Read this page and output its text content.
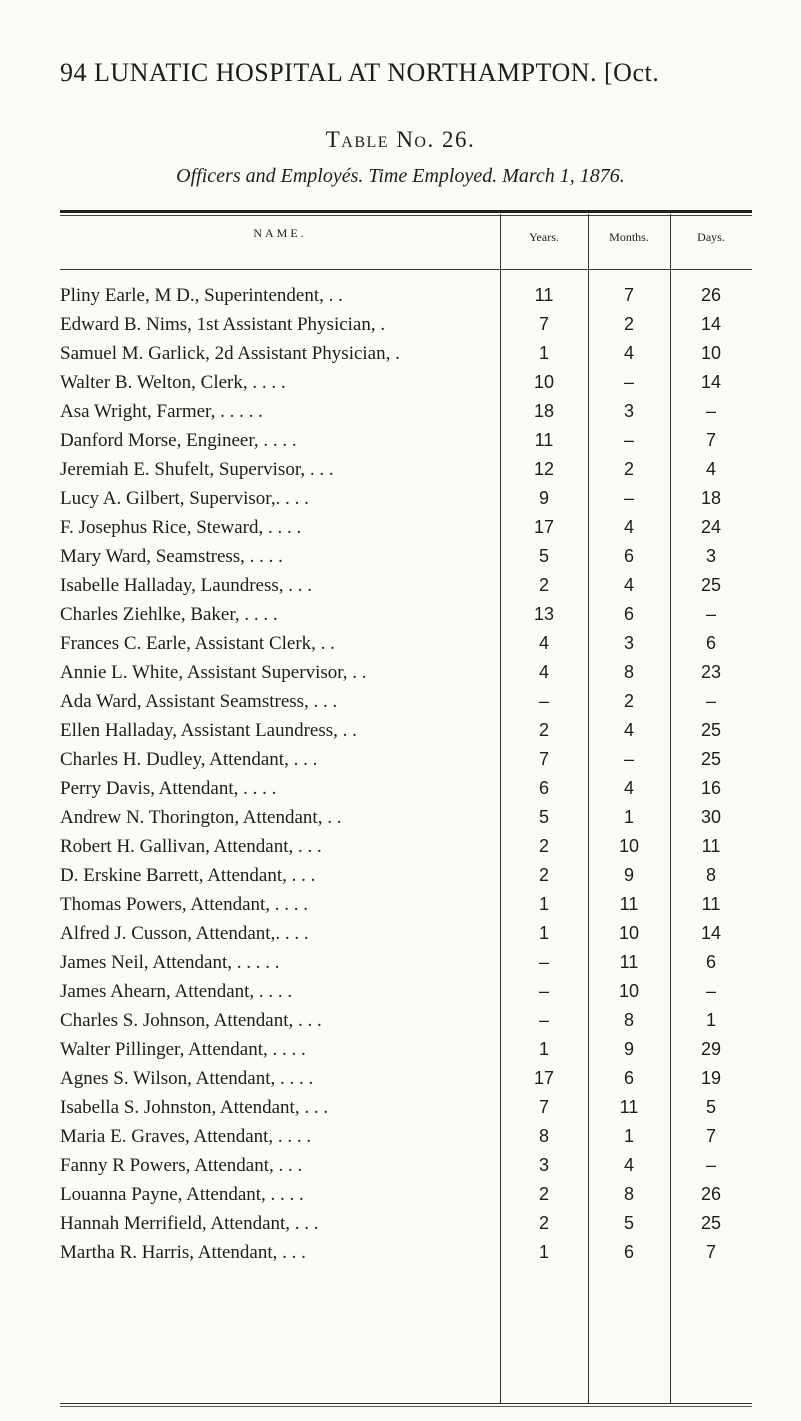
94 LUNATIC HOSPITAL AT NORTHAMPTON. [Oct.
Table No. 26.
Officers and Employés. Time Employed. March 1, 1876.
NAME.	Years.	Months.	Days.
Pliny Earle, M D., Superintendent, . .	11	7	26
Edward B. Nims, 1st Assistant Physician, .	7	2	14
Samuel M. Garlick, 2d Assistant Physician, .	1	4	10
Walter B. Welton, Clerk, . . . .	10	–	14
Asa Wright, Farmer, . . . . .	18	3	–
Danford Morse, Engineer, . . . .	11	–	7
Jeremiah E. Shufelt, Supervisor, . . .	12	2	4
Lucy A. Gilbert, Supervisor,. . . .	9	–	18
F. Josephus Rice, Steward, . . . .	17	4	24
Mary Ward, Seamstress, . . . .	5	6	3
Isabelle Halladay, Laundress, . . .	2	4	25
Charles Ziehlke, Baker, . . . .	13	6	–
Frances C. Earle, Assistant Clerk, . .	4	3	6
Annie L. White, Assistant Supervisor, . .	4	8	23
Ada Ward, Assistant Seamstress, . . .	–	2	–
Ellen Halladay, Assistant Laundress, . .	2	4	25
Charles H. Dudley, Attendant, . . .	7	–	25
Perry Davis, Attendant, . . . .	6	4	16
Andrew N. Thorington, Attendant, . .	5	1	30
Robert H. Gallivan, Attendant, . . .	2	10	11
D. Erskine Barrett, Attendant, . . .	2	9	8
Thomas Powers, Attendant, . . . .	1	11	11
Alfred J. Cusson, Attendant,. . . .	1	10	14
James Neil, Attendant, . . . . .	–	11	6
James Ahearn, Attendant, . . . .	–	10	–
Charles S. Johnson, Attendant, . . .	–	8	1
Walter Pillinger, Attendant, . . . .	1	9	29
Agnes S. Wilson, Attendant, . . . .	17	6	19
Isabella S. Johnston, Attendant, . . .	7	11	5
Maria E. Graves, Attendant, . . . .	8	1	7
Fanny R Powers, Attendant, . . .	3	4	–
Louanna Payne, Attendant, . . . .	2	8	26
Hannah Merrifield, Attendant, . . .	2	5	25
Martha R. Harris, Attendant, . . .	1	6	7
